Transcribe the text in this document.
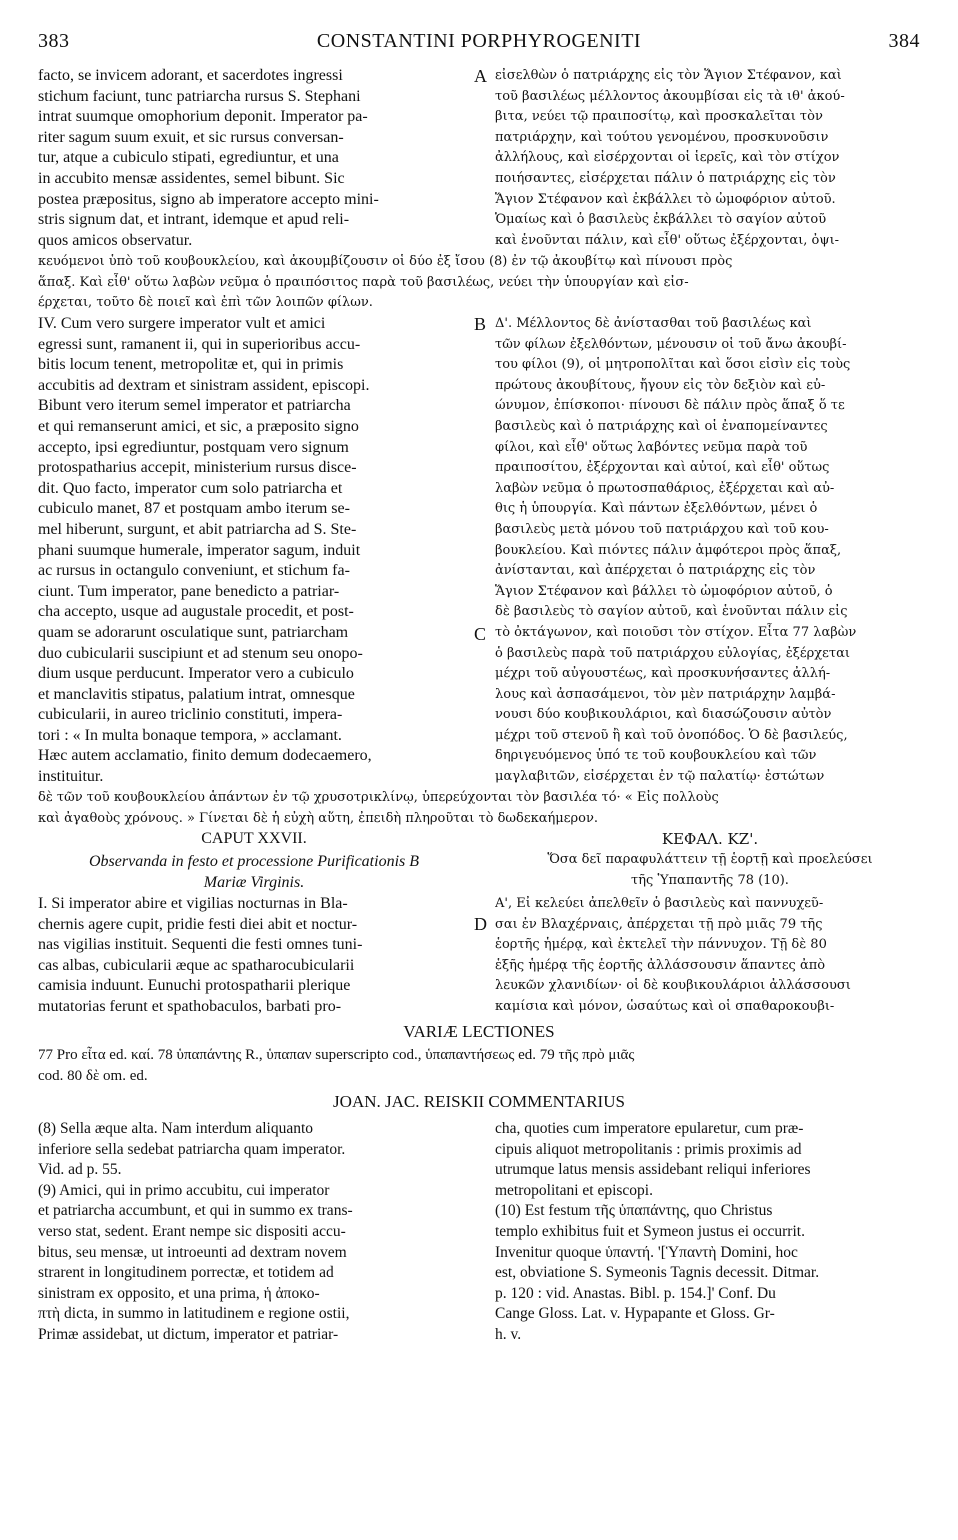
383	CONSTANTINI PORPHYROGENITI	384
facto, se invicem adorant, et sacerdotes ingressi
stichum faciunt, tunc patriarcha rursus S. Stephani
intrat suumque omophorium deponit. Imperator pa-
riter sagum suum exuit, et sic rursus conversan-
tur, atque a cubiculo stipati, egrediuntur, et una
in accubito mensæ assidentes, semel bibunt. Sic
postea præpositus, signo ab imperatore accepto mini-
stris signum dat, et intrant, idemque et apud reli-
quos amicos observatur.
εἰσελθὼν ὁ πατριάρχης εἰς τὸν Ἅγιον Στέφανον, καὶ
τοῦ βασιλέως μέλλοντος ἀκουμβίσαι εἰς τὰ ιθ' ἀκού-
βιτα, νεύει τῷ πραιποσίτῳ, καὶ προσκαλεῖται τὸν
πατριάρχην, καὶ τούτου γενομένου, προσκυνοῦσιν
ἀλλήλους, καὶ εἰσέρχονται οἱ ἱερεῖς, καὶ τὸν στίχον
ποιήσαντες, εἰσέρχεται πάλιν ὁ πατριάρχης εἰς τὸν
Ἅγιον Στέφανον καὶ ἐκβάλλει τὸ ὠμοφόριον αὐτοῦ.
Ὁμαίως καὶ ὁ βασιλεὺς ἐκβάλλει τὸ σαγίον αὐτοῦ
καὶ ἑνοῦνται πάλιν, καὶ εἶθ' οὕτως ἐξέρχονται, ὀψι-
A
κευόμενοι ὑπὸ τοῦ κουβουκλείου, καὶ ἀκουμβίζουσιν οἱ δύο ἐξ ἴσου (8) ἐν τῷ ἀκουβίτῳ καὶ πίνουσι πρὸς
ἅπαξ. Καὶ εἶθ' οὕτω λαβὼν νεῦμα ὁ πραιπόσιτος παρὰ τοῦ βασιλέως, νεύει τὴν ὑπουργίαν καὶ εἰσ-
έρχεται, τοῦτο δὲ ποιεῖ καὶ ἐπὶ τῶν λοιπῶν φίλων.
IV. Cum vero surgere imperator vult et amici
egressi sunt, ramanent ii, qui in superioribus accu-
bitis locum tenent, metropolitæ et, qui in primis
accubitis ad dextram et sinistram assident, episcopi.
Bibunt vero iterum semel imperator et patriarcha
et qui remanserunt amici, et sic, a præposito signo
accepto, ipsi egrediuntur, postquam vero signum
protospatharius accepit, ministerium rursus disce-
dit. Quo facto, imperator cum solo patriarcha et
cubiculo manet, 87 et postquam ambo iterum se-
mel hiberunt, surgunt, et abit patriarcha ad S. Ste-
phani suumque humerale, imperator sagum, induit
ac rursus in octangulo conveniunt, et stichum fa-
ciunt. Tum imperator, pane benedicto a patriar-
cha accepto, usque ad augustale procedit, et post-
quam se adorarunt osculatique sunt, patriarcham
duo cubicularii suscipiunt et ad stenum seu onopo-
dium usque perducunt. Imperator vero a cubiculo
et manclavitis stipatus, palatium intrat, omnesque
cubicularii, in aureo triclinio constituti, impera-
tori : « In multa bonaque tempora, » acclamant.
Hæc autem acclamatio, finito demum dodecaemero,
instituitur.
Δ'. Μέλλοντος δὲ ἀνίστασθαι τοῦ βασιλέως καὶ
τῶν φίλων ἐξελθόντων, μένουσιν οἱ τοῦ ἄνω ἀκουβί-
του φίλοι (9), οἱ μητροπολῖται καὶ ὅσοι εἰσὶν εἰς τοὺς
πρώτους ἀκουβίτους, ἤγουν εἰς τὸν δεξιὸν καὶ εὐ-
ώνυμον, ἐπίσκοποι· πίνουσι δὲ πάλιν πρὸς ἅπαξ ὅ τε
βασιλεὺς καὶ ὁ πατριάρχης καὶ οἱ ἐναπομείναντες
φίλοι, καὶ εἶθ' οὕτως λαβόντες νεῦμα παρὰ τοῦ
πραιποσίτου, ἐξέρχονται καὶ αὐτοί, καὶ εἶθ' οὕτως
λαβὼν νεῦμα ὁ πρωτοσπαθάριος, ἐξέρχεται καὶ αὐ-
θις ἡ ὑπουργία. Καὶ πάντων ἐξελθόντων, μένει ὁ
βασιλεὺς μετὰ μόνου τοῦ πατριάρχου καὶ τοῦ κου-
βουκλείου. Καὶ πιόντες πάλιν ἀμφότεροι πρὸς ἅπαξ,
ἀνίστανται, καὶ ἀπέρχεται ὁ πατριάρχης εἰς τὸν
Ἅγιον Στέφανον καὶ βάλλει τὸ ὠμοφόριον αὐτοῦ, ὁ
δὲ βασιλεὺς τὸ σαγίον αὐτοῦ, καὶ ἑνοῦνται πάλιν εἰς
τὸ ὀκτάγωνον, καὶ ποιοῦσι τὸν στίχον. Εἶτα 77 λαβὼν
ὁ βασιλεὺς παρὰ τοῦ πατριάρχου εὐλογίας, ἐξέρχεται
μέχρι τοῦ αὐγουστέως, καὶ προσκυνήσαντες ἀλλή-
λους καὶ ἀσπασάμενοι, τὸν μὲν πατριάρχην λαμβά-
νουσι δύο κουβικουλάριοι, καὶ διασώζουσιν αὐτὸν
μέχρι τοῦ στενοῦ ἢ καὶ τοῦ ὀνοπόδος. Ὁ δὲ βασιλεύς,
δηριγευόμενος ὑπό τε τοῦ κουβουκλείου καὶ τῶν
μαγλαβιτῶν, εἰσέρχεται ἐν τῷ παλατίῳ· ἐστώτων
B
C
δὲ τῶν τοῦ κουβουκλείου ἁπάντων ἐν τῷ χρυσοτρικλίνῳ, ὑπερεύχονται τὸν βασιλέα τό· « Εἰς πολλοὺς
καὶ ἀγαθοὺς χρόνους. » Γίνεται δὲ ἡ εὐχὴ αὕτη, ἐπειδὴ πληροῦται τὸ δωδεκαήμερον.
CAPUT XXVII.
Observanda in festo et processione Purificationis B
Mariæ Virginis.
ΚΕΦΑΛ. ΚΖ'.
Ὅσα δεῖ παραφυλάττειν τῇ ἑορτῇ καὶ προελεύσει
τῆς Ὑπαπαντῆς 78 (10).
I. Si imperator abire et vigilias nocturnas in Bla-
chernis agere cupit, pridie festi diei abit et noctur-
nas vigilias instituit. Sequenti die festi omnes tuni-
cas albas, cubicularii æque ac spatharocubicularii
camisia induunt. Eunuchi protospatharii plerique
mutatorias ferunt et spathobaculos, barbati pro-
Α', Εἰ κελεύει ἀπελθεῖν ὁ βασιλεὺς καὶ παννυχεῦ-
σαι ἐν Βλαχέρναις, ἀπέρχεται τῇ πρὸ μιᾶς 79 τῆς
ἑορτῆς ἡμέρᾳ, καὶ ἐκτελεῖ τὴν πάννυχον. Τῇ δὲ 80
ἑξῆς ἡμέρᾳ τῆς ἑορτῆς ἀλλάσσουσιν ἅπαντες ἀπὸ
λευκῶν χλανιδίων· οἱ δὲ κουβικουλάριοι ἀλλάσσουσι
καμίσια καὶ μόνον, ὡσαύτως καὶ οἱ σπαθαροκουβι-
D
VARIÆ LECTIONES
77 Pro εἶτα ed. καί. 78 ὑπαπάντης R., ὑπαπαν superscripto cod., ὑπαπαντήσεως ed. 79 τῆς πρὸ μιᾶς
cod. 80 δὲ om. ed.
JOAN. JAC. REISKII COMMENTARIUS
(8) Sella æque alta. Nam interdum aliquanto
inferiore sella sedebat patriarcha quam imperator.
Vid. ad p. 55.
(9) Amici, qui in primo accubitu, cui imperator
et patriarcha accumbunt, et qui in summo ex trans-
verso stat, sedent. Erant nempe sic dispositi accu-
bitus, seu mensæ, ut introeunti ad dextram novem
strarent in longitudinem porrectæ, et totidem ad
sinistram ex opposito, et una prima, ἡ ἀποκο-
πτὴ dicta, in summo in latitudinem e regione ostii,
Primæ assidebat, ut dictum, imperator et patriar-
cha, quoties cum imperatore epularetur, cum præ-
cipuis aliquot metropolitanis : primis proximis ad
utrumque latus mensis assidebant reliqui inferiores
metropolitani et episcopi.
(10) Est festum τῆς ὑπαπάντης, quo Christus
templo exhibitus fuit et Symeon justus ei occurrit.
Invenitur quoque ὑπαντή. '[Ὑπαντὴ Domini, hoc
est, obviatione S. Symeonis Tagnis decessit. Ditmar.
p. 120 : vid. Anastas. Bibl. p. 154.]' Conf. Du
Cange Gloss. Lat. v. Hypapante et Gloss. Gr-
h. v.
